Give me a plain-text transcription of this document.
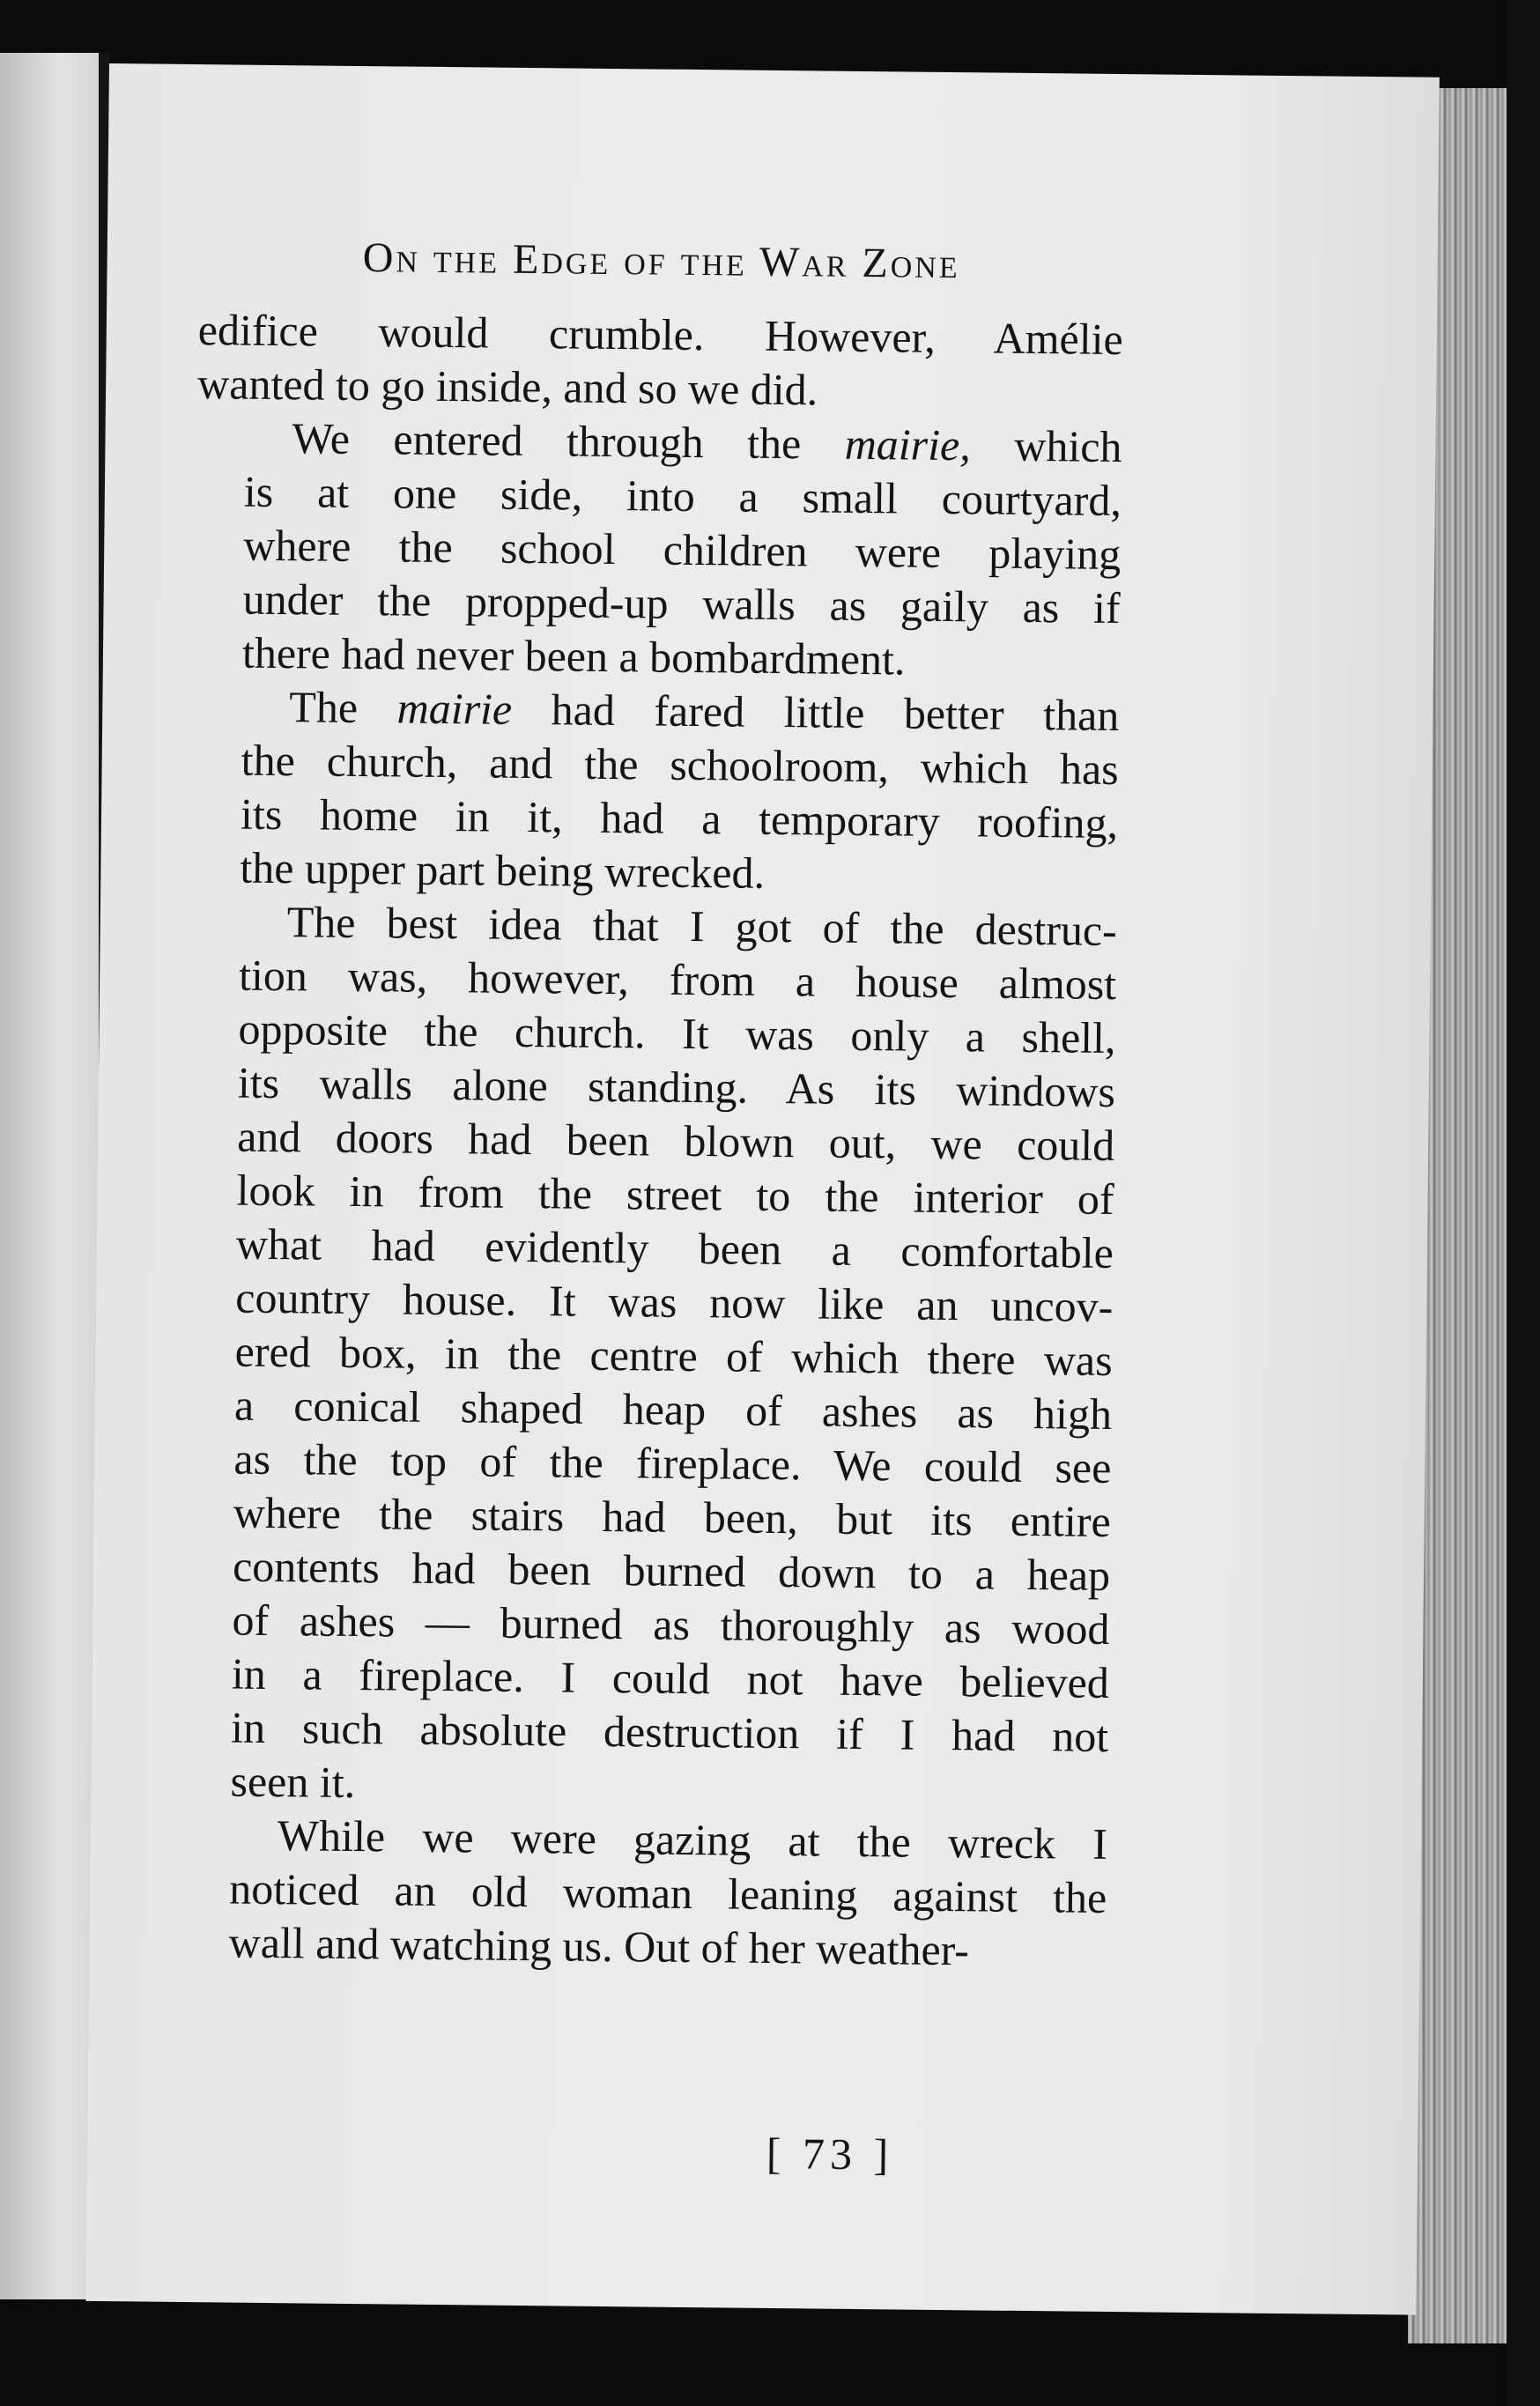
On the Edge of the War Zone

edifice would crumble. However, Amélie
wanted to go inside, and so we did.

We entered through the mairie, which
is at one side, into a small courtyard,
where the school children were playing
under the propped-up walls as gaily as if
there had never been a bombardment.

The mairie had fared little better than
the church, and the schoolroom, which has
its home in it, had a temporary roofing,
the upper part being wrecked.

The best idea that I got of the destruc-
tion was, however, from a house almost
opposite the church. It was only a shell,
its walls alone standing. As its windows
and doors had been blown out, we could
look in from the street to the interior of
what had evidently been a comfortable
country house. It was now like an uncov-
ered box, in the centre of which there was
a conical shaped heap of ashes as high
as the top of the fireplace. We could see
where the stairs had been, but its entire
contents had been burned down to a heap
of ashes — burned as thoroughly as wood
in a fireplace. I could not have believed
in such absolute destruction if I had not
seen it.

While we were gazing at the wreck I
noticed an old woman leaning against the
wall and watching us. Out of her weather-

[ 73 ]
